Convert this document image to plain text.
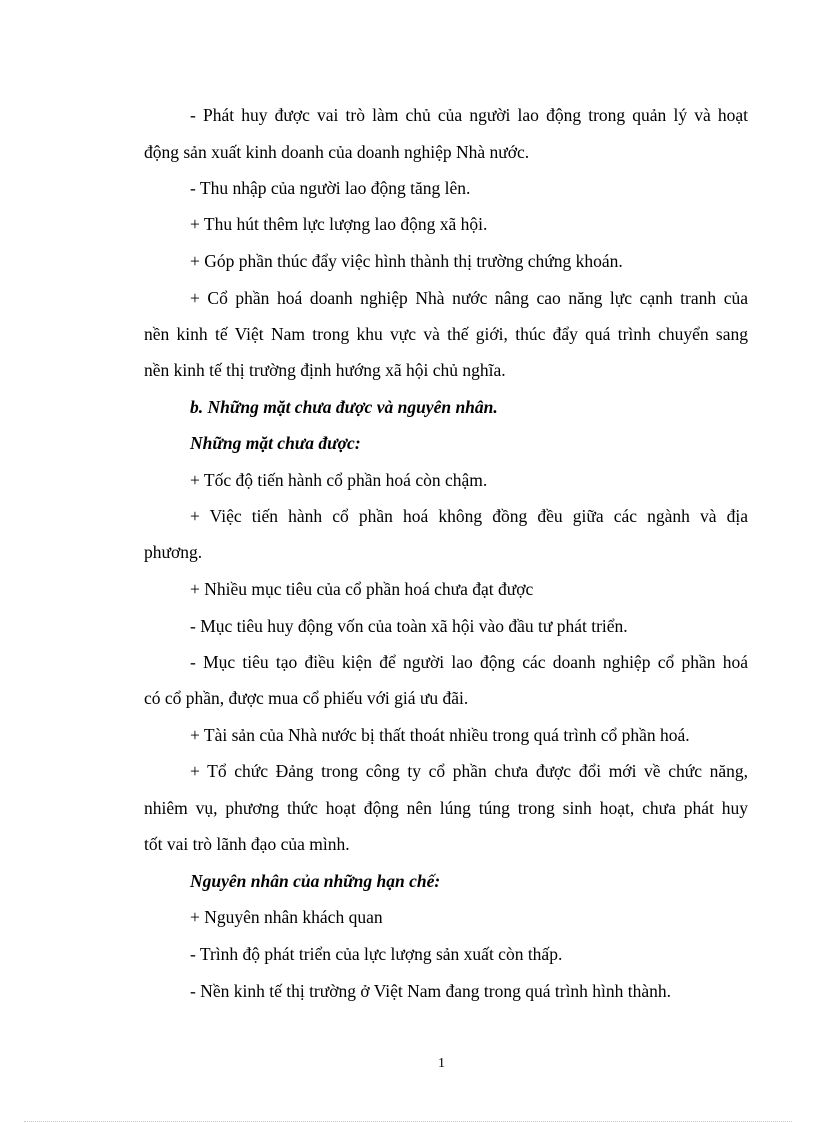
- Phát huy được vai trò làm chủ của người lao động trong quản lý và hoạt
động sản xuất kinh doanh của doanh nghiệp Nhà nước.
- Thu nhập của người lao động tăng lên.
+ Thu hút thêm lực lượng lao động xã hội.
+ Góp phần thúc đẩy việc hình thành thị trường chứng khoán.
+ Cổ phần hoá doanh nghiệp Nhà nước nâng cao năng lực cạnh tranh của
nền kinh tế Việt Nam trong khu vực và thế giới, thúc đẩy quá trình chuyển sang
nền kinh tế thị trường định hướng xã hội chủ nghĩa.
b. Những mặt chưa được và nguyên nhân.
Những mặt chưa được:
+ Tốc độ tiến hành cổ phần hoá còn chậm.
+ Việc tiến hành cổ phần hoá không đồng đều giữa các ngành và địa
phương.
+ Nhiều mục tiêu của cổ phần hoá chưa đạt được
- Mục tiêu huy động vốn của toàn xã hội vào đầu tư phát triển.
- Mục tiêu tạo điều kiện để người lao động các doanh nghiệp cổ phần hoá
có cổ phần, được mua cổ phiếu với giá ưu đãi.
+ Tài sản của Nhà nước bị thất thoát nhiều trong quá trình cổ phần hoá.
+ Tổ chức Đảng trong công ty cổ phần chưa được đổi mới về chức năng,
nhiêm vụ, phương thức hoạt động nên lúng túng trong sinh hoạt, chưa phát huy
tốt vai trò lãnh đạo của mình.
Nguyên nhân của những hạn chế:
+ Nguyên nhân khách quan
- Trình độ phát triển của lực lượng sản xuất còn thấp.
- Nền kinh tế thị trường ở Việt Nam đang trong quá trình hình thành.
1
